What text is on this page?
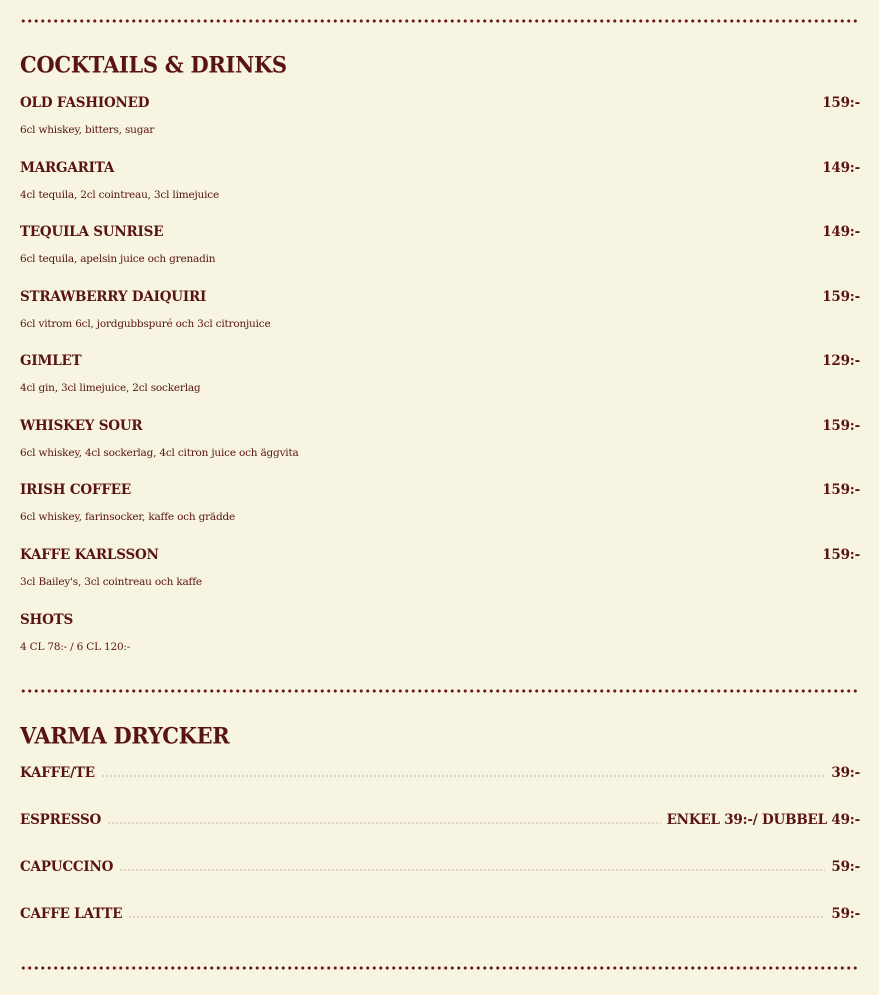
COCKTAILS & DRINKS
OLD FASHIONED	159:-
6cl whiskey, bitters, sugar
MARGARITA	149:-
4cl tequila, 2cl cointreau, 3cl limejuice
TEQUILA SUNRISE	149:-
6cl tequila, apelsin juice och grenadin
STRAWBERRY DAIQUIRI	159:-
6cl vitrom 6cl, jordgubbspuré och 3cl citronjuice
GIMLET	129:-
4cl gin, 3cl limejuice, 2cl sockerlag
WHISKEY SOUR	159:-
6cl whiskey, 4cl sockerlag, 4cl citron juice och äggvita
IRISH COFFEE	159:-
6cl whiskey, farinsocker, kaffe och grädde
KAFFE KARLSSON	159:-
3cl Bailey's, 3cl cointreau och kaffe
SHOTS
4 CL 78:- / 6 CL 120:-
VARMA DRYCKER
KAFFE/TE	39:-
ESPRESSO	ENKEL 39:-/ DUBBEL 49:-
CAPUCCINO	59:-
CAFFE LATTE	59:-
